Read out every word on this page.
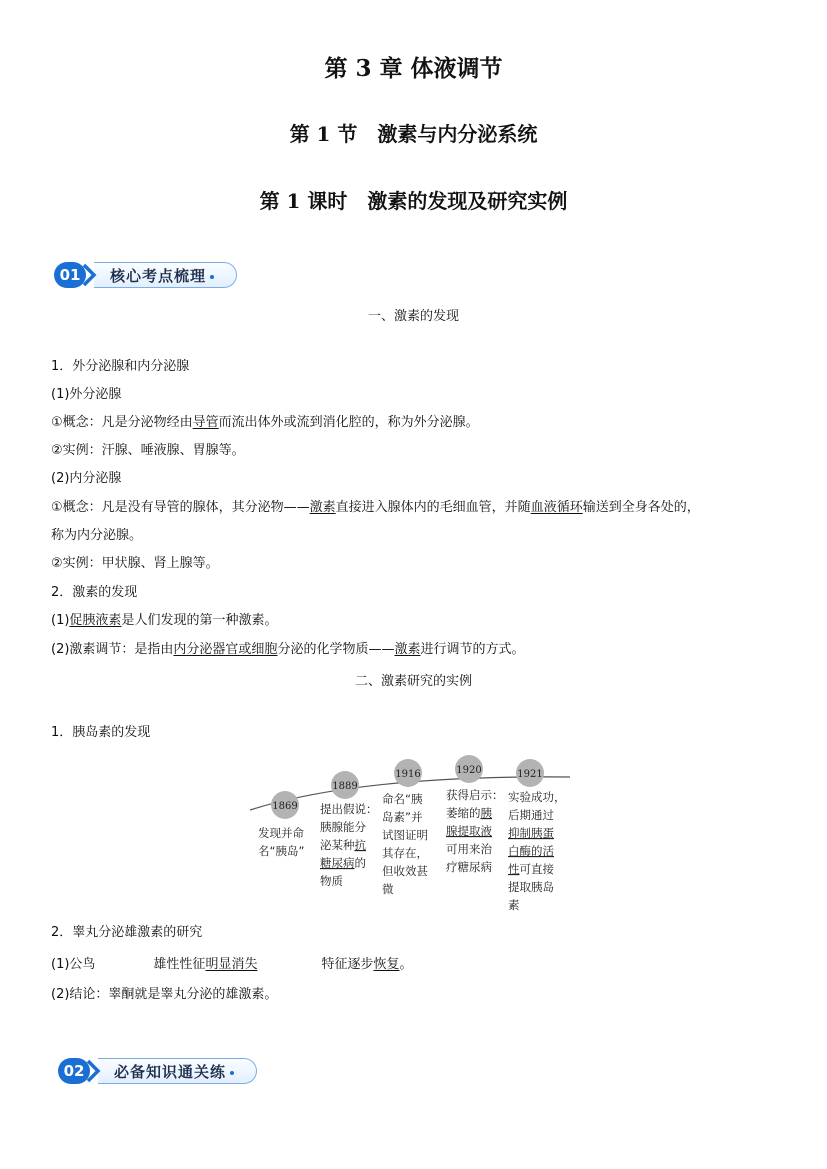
第 3 章 体液调节
第 1 节　激素与内分泌系统
第 1 课时　激素的发现及研究实例
01	核心考点梳理
一、激素的发现
1．外分泌腺和内分泌腺
(1)外分泌腺
①概念：凡是分泌物经由导管而流出体外或流到消化腔的，称为外分泌腺。
②实例：汗腺、唾液腺、胃腺等。
(2)内分泌腺
①概念：凡是没有导管的腺体，其分泌物——激素直接进入腺体内的毛细血管，并随血液循环输送到全身各处的，
称为内分泌腺。
②实例：甲状腺、肾上腺等。
2．激素的发现
(1)促胰液素是人们发现的第一种激素。
(2)激素调节：是指由内分泌器官或细胞分泌的化学物质——激素进行调节的方式。
二、激素研究的实例
1．胰岛素的发现
1869
发现并命
名“胰岛”
1889
提出假说：
胰腺能分
泌某种抗
糖尿病的
物质
1916
命名“胰
岛素”并
试图证明
其存在，
但收效甚
微
1920
获得启示：
萎缩的胰
腺提取液
可用来治
疗糖尿病
1921
实验成功，
后期通过
抑制胰蛋
白酶的活
性可直接
提取胰岛
素
2．睾丸分泌雄激素的研究
(1)公鸟	雄性性征明显消失	特征逐步恢复。
(2)结论：睾酮就是睾丸分泌的雄激素。
02	必备知识通关练
